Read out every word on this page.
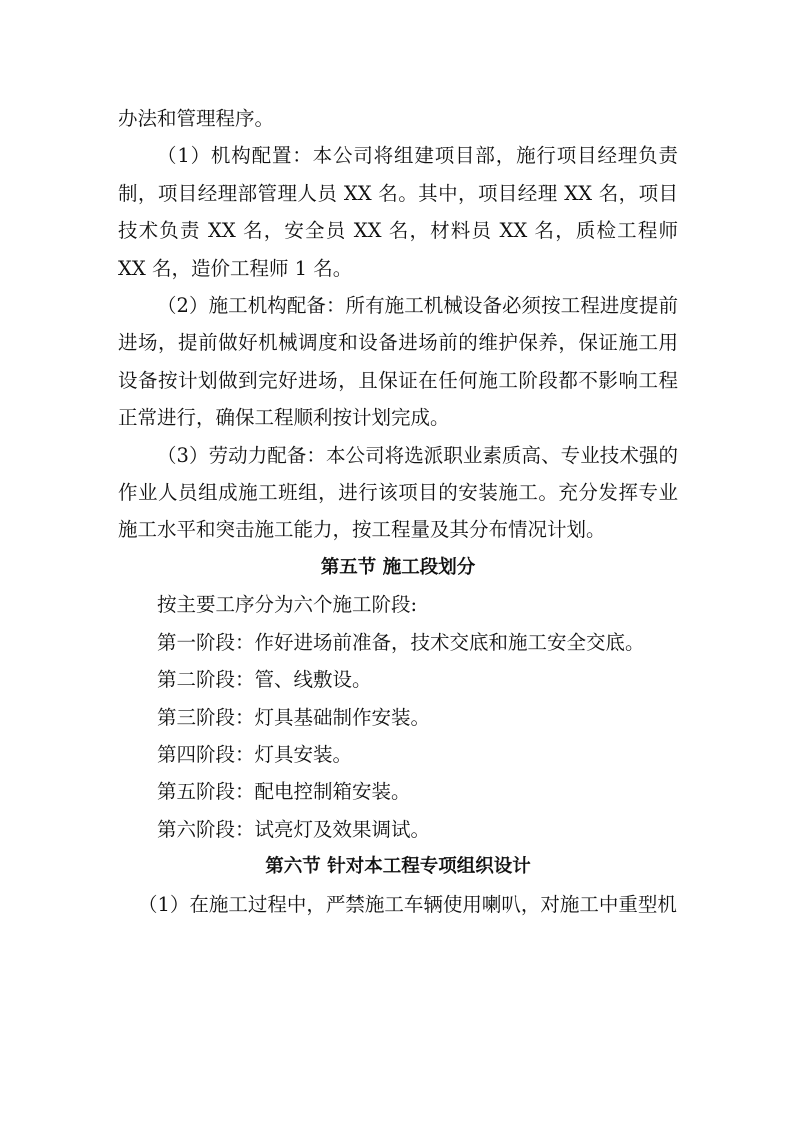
办法和管理程序。

（1）机构配置：本公司将组建项目部，施行项目经理负责制，项目经理部管理人员 XX 名。其中，项目经理 XX 名，项目技术负责 XX 名，安全员 XX 名，材料员 XX 名，质检工程师 XX 名，造价工程师 1 名。

（2）施工机构配备：所有施工机械设备必须按工程进度提前进场，提前做好机械调度和设备进场前的维护保养，保证施工用设备按计划做到完好进场，且保证在任何施工阶段都不影响工程正常进行，确保工程顺利按计划完成。

（3）劳动力配备：本公司将选派职业素质高、专业技术强的作业人员组成施工班组，进行该项目的安装施工。充分发挥专业施工水平和突击施工能力，按工程量及其分布情况计划。

第五节 施工段划分

按主要工序分为六个施工阶段:

第一阶段：作好进场前准备，技术交底和施工安全交底。

第二阶段：管、线敷设。

第三阶段：灯具基础制作安装。

第四阶段：灯具安装。

第五阶段：配电控制箱安装。

第六阶段：试亮灯及效果调试。

第六节 针对本工程专项组织设计

（1）在施工过程中，严禁施工车辆使用喇叭，对施工中重型机
